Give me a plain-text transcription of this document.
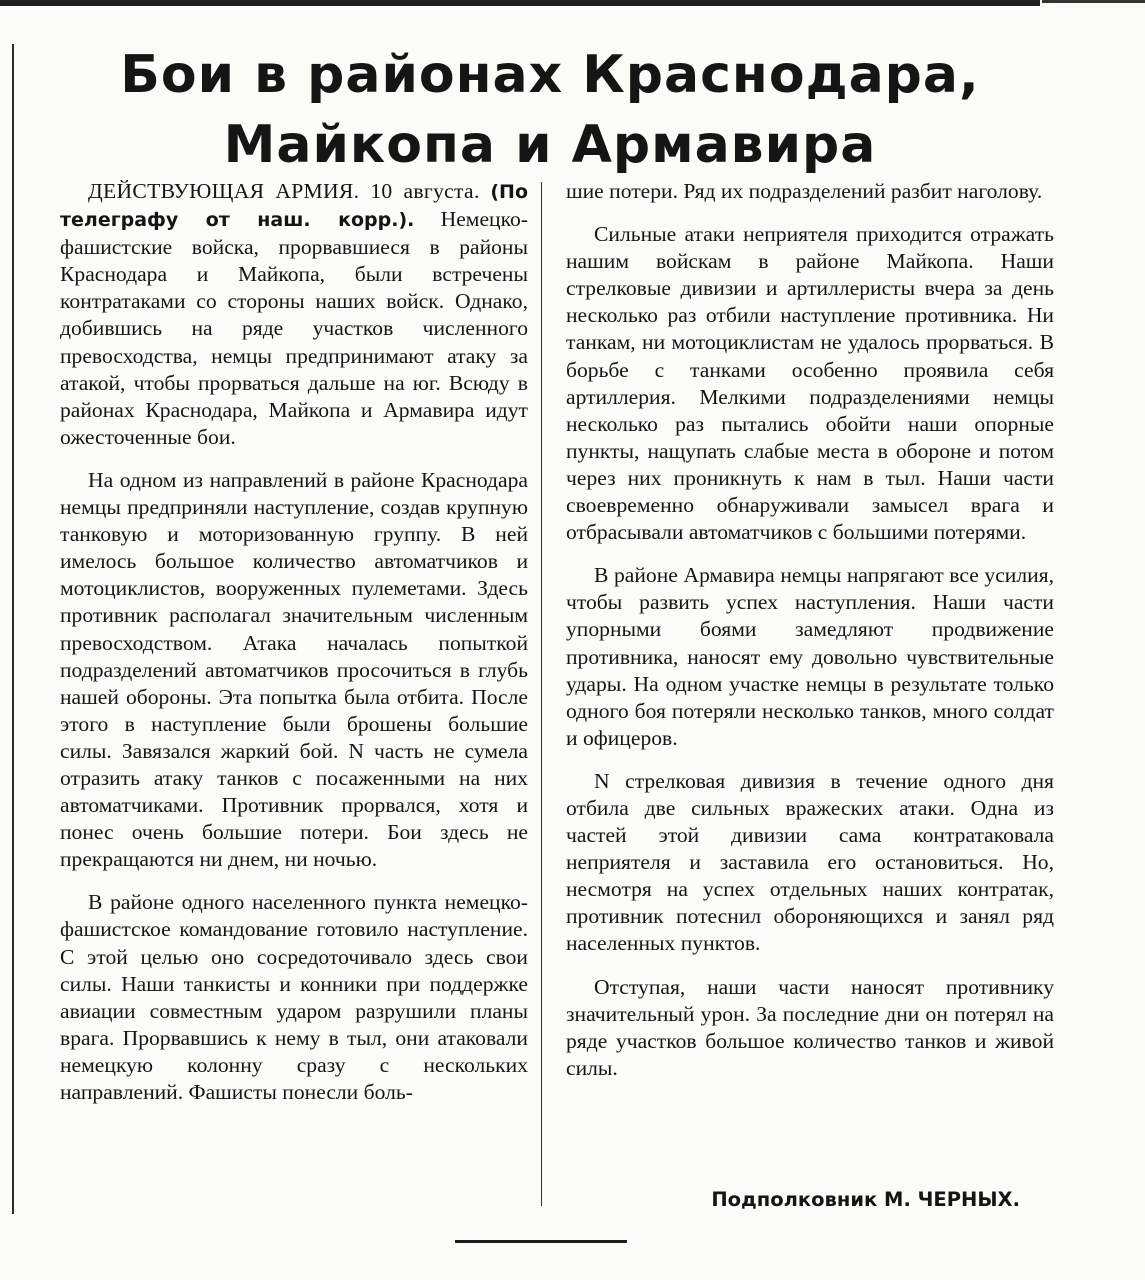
Бои в районах Краснодара,
Майкопа и Армавира

ДЕЙСТВУЮЩАЯ АРМИЯ. 10 августа. (По телеграфу от наш. корр.). Немецко-фашистские войска, прорвавшиеся в районы Краснодара и Майкопа, были встречены контратаками со стороны наших войск. Однако, добившись на ряде участков численного превосходства, немцы предпринимают атаку за атакой, чтобы прорваться дальше на юг. Всюду в районах Краснодара, Майкопа и Армавира идут ожесточенные бои.

На одном из направлений в районе Краснодара немцы предприняли наступление, создав крупную танковую и моторизованную группу. В ней имелось большое количество автоматчиков и мотоциклистов, вооруженных пулеметами. Здесь противник располагал значительным численным превосходством. Атака началась попыткой подразделений автоматчиков просочиться в глубь нашей обороны. Эта попытка была отбита. После этого в наступление были брошены большие силы. Завязался жаркий бой. N часть не сумела отразить атаку танков с посаженными на них автоматчиками. Противник прорвался, хотя и понес очень большие потери. Бои здесь не прекращаются ни днем, ни ночью.

В районе одного населенного пункта немецко-фашистское командование готовило наступление. С этой целью оно сосредоточивало здесь свои силы. Наши танкисты и конники при поддержке авиации совместным ударом разрушили планы врага. Прорвавшись к нему в тыл, они атаковали немецкую колонну сразу с нескольких направлений. Фашисты понесли боль-

шие потери. Ряд их подразделений разбит наголову.

Сильные атаки неприятеля приходится отражать нашим войскам в районе Майкопа. Наши стрелковые дивизии и артиллеристы вчера за день несколько раз отбили наступление противника. Ни танкам, ни мотоциклистам не удалось прорваться. В борьбе с танками особенно проявила себя артиллерия. Мелкими подразделениями немцы несколько раз пытались обойти наши опорные пункты, нащупать слабые места в обороне и потом через них проникнуть к нам в тыл. Наши части своевременно обнаруживали замысел врага и отбрасывали автоматчиков с большими потерями.

В районе Армавира немцы напрягают все усилия, чтобы развить успех наступления. Наши части упорными боями замедляют продвижение противника, наносят ему довольно чувствительные удары. На одном участке немцы в результате только одного боя потеряли несколько танков, много солдат и офицеров.

N стрелковая дивизия в течение одного дня отбила две сильных вражеских атаки. Одна из частей этой дивизии сама контратаковала неприятеля и заставила его остановиться. Но, несмотря на успех отдельных наших контратак, противник потеснил обороняющихся и занял ряд населенных пунктов.

Отступая, наши части наносят противнику значительный урон. За последние дни он потерял на ряде участков большое количество танков и живой силы.

Подполковник М. ЧЕРНЫХ.
